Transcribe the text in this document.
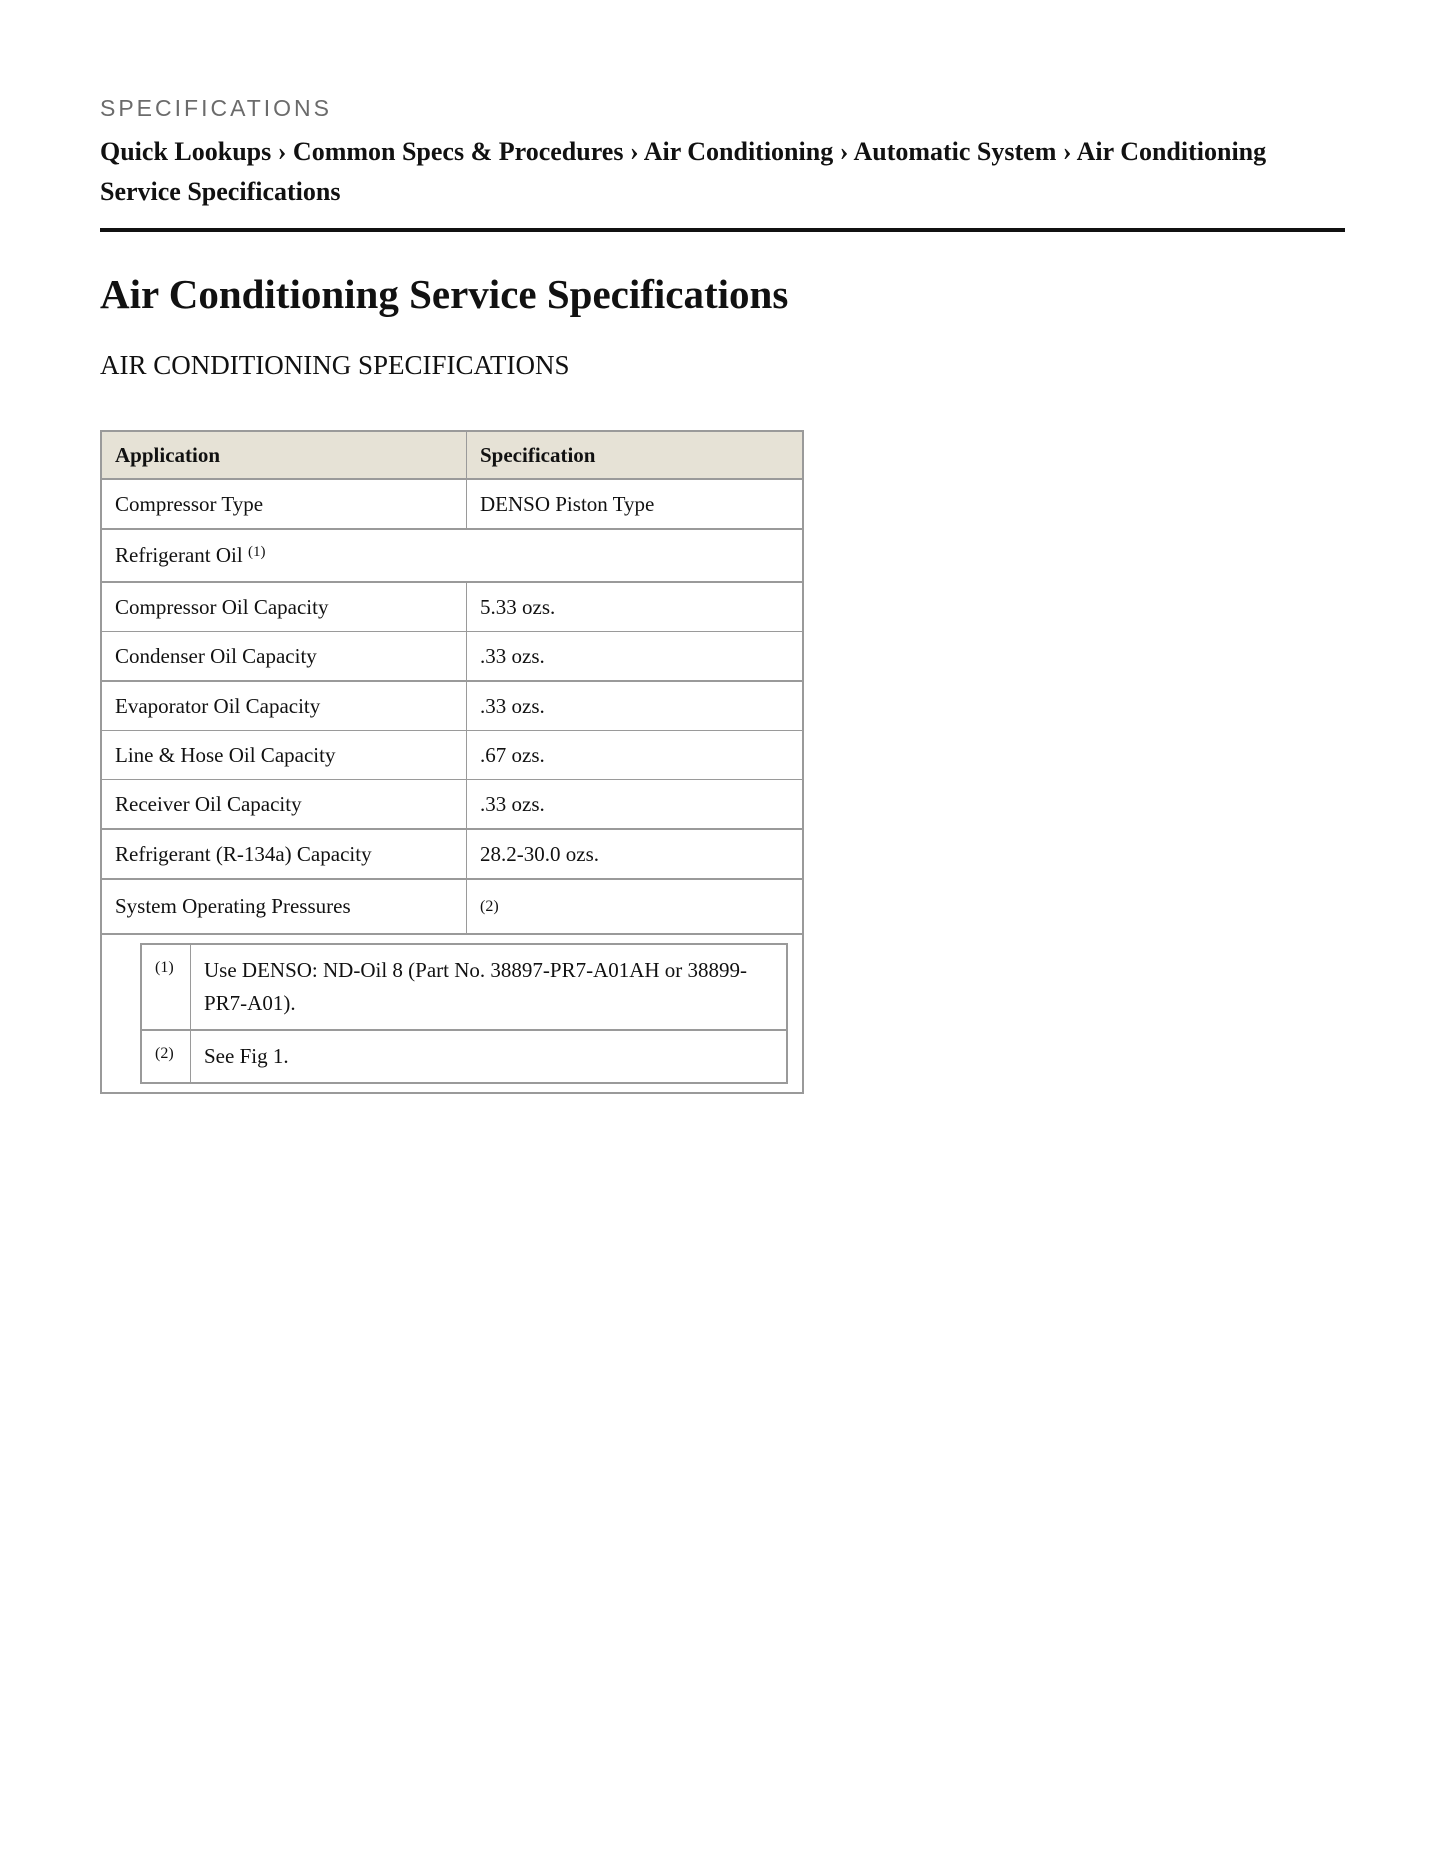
SPECIFICATIONS
Quick Lookups › Common Specs & Procedures › Air Conditioning › Automatic System › Air Conditioning Service Specifications
Air Conditioning Service Specifications
AIR CONDITIONING SPECIFICATIONS
Application	Specification
Compressor Type	DENSO Piston Type
Refrigerant Oil $^{(1)}$
Compressor Oil Capacity	5.33 ozs.
Condenser Oil Capacity	.33 ozs.
Evaporator Oil Capacity	.33 ozs.
Line & Hose Oil Capacity	.67 ozs.
Receiver Oil Capacity	.33 ozs.
Refrigerant (R-134a) Capacity	28.2-30.0 ozs.
System Operating Pressures	(2)

(1)	Use DENSO: ND-Oil 8 (Part No. 38897-PR7-A01AH or 38899-PR7-A01).
(2)	See Fig 1.
